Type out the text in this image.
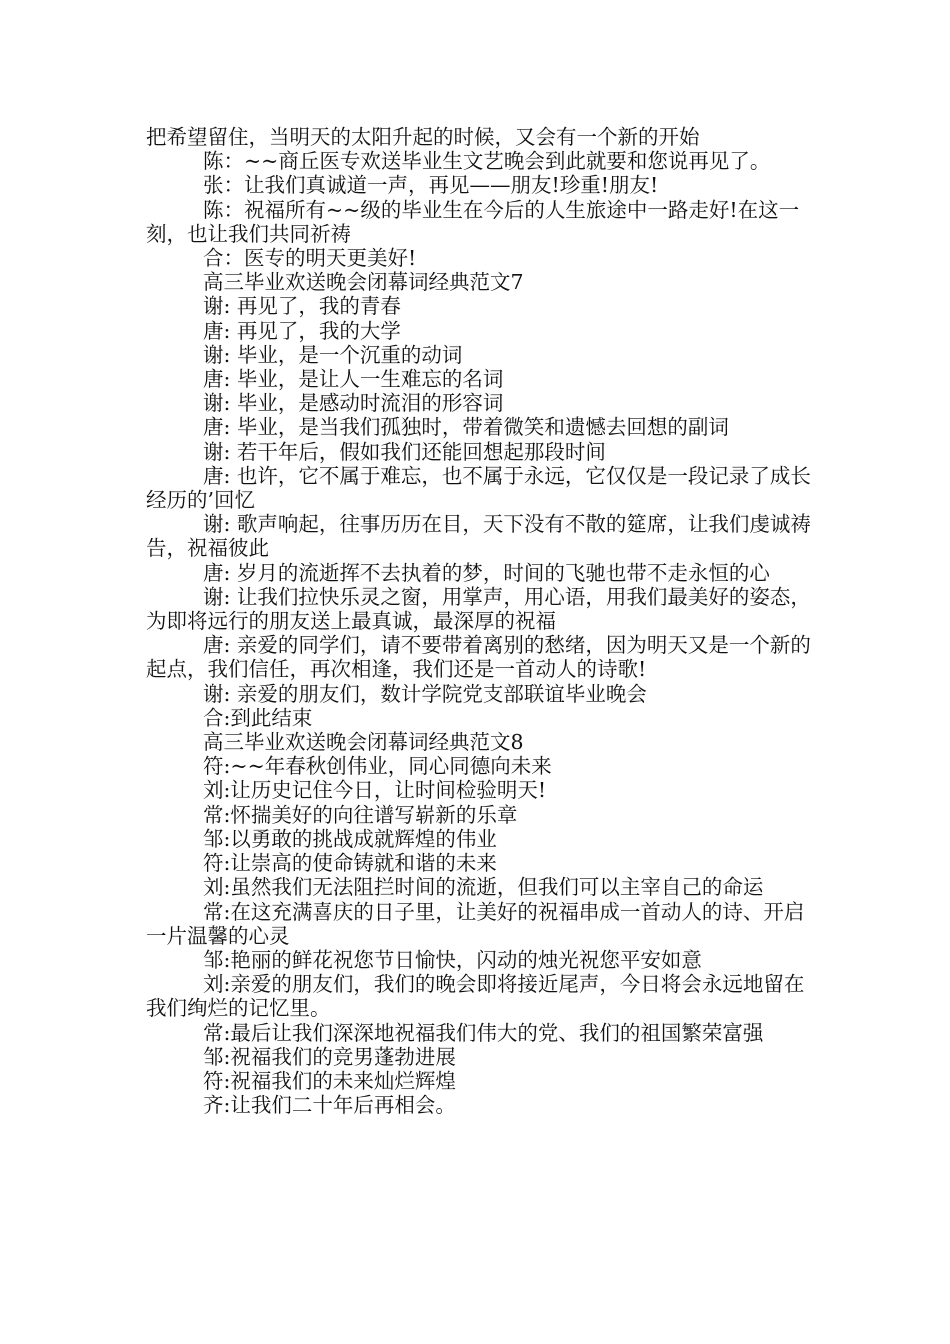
把希望留住，当明天的太阳升起的时候，又会有一个新的开始

陈：~~商丘医专欢送毕业生文艺晚会到此就要和您说再见了。

张：让我们真诚道一声，再见——朋友!珍重!朋友!

陈：祝福所有~~级的毕业生在今后的人生旅途中一路走好!在这一刻，也让我们共同祈祷

合：医专的明天更美好!

高三毕业欢送晚会闭幕词经典范文7

谢: 再见了，我的青春

唐: 再见了，我的大学

谢: 毕业，是一个沉重的动词

唐: 毕业，是让人一生难忘的名词

谢: 毕业，是感动时流泪的形容词

唐: 毕业，是当我们孤独时，带着微笑和遗憾去回想的副词

谢: 若干年后，假如我们还能回想起那段时间

唐: 也许，它不属于难忘，也不属于永远，它仅仅是一段记录了成长经历的’回忆

谢: 歌声响起，往事历历在目，天下没有不散的筵席，让我们虔诚祷告，祝福彼此

唐: 岁月的流逝挥不去执着的梦，时间的飞驰也带不走永恒的心

谢: 让我们拉快乐灵之窗，用掌声，用心语，用我们最美好的姿态，为即将远行的朋友送上最真诚，最深厚的祝福

唐: 亲爱的同学们，请不要带着离别的愁绪，因为明天又是一个新的起点，我们信任，再次相逢，我们还是一首动人的诗歌!

谢: 亲爱的朋友们，数计学院党支部联谊毕业晚会

合:到此结束

高三毕业欢送晚会闭幕词经典范文8

符:~~年春秋创伟业，同心同德向未来

刘:让历史记住今日，让时间检验明天!

常:怀揣美好的向往谱写崭新的乐章

邹:以勇敢的挑战成就辉煌的伟业

符:让崇高的使命铸就和谐的未来

刘:虽然我们无法阻拦时间的流逝，但我们可以主宰自己的命运

常:在这充满喜庆的日子里，让美好的祝福串成一首动人的诗、开启一片温馨的心灵

邹:艳丽的鲜花祝您节日愉快，闪动的烛光祝您平安如意

刘:亲爱的朋友们，我们的晚会即将接近尾声，今日将会永远地留在我们绚烂的记忆里。

常:最后让我们深深地祝福我们伟大的党、我们的祖国繁荣富强

邹:祝福我们的竞男蓬勃进展

符:祝福我们的未来灿烂辉煌

齐:让我们二十年后再相会。
